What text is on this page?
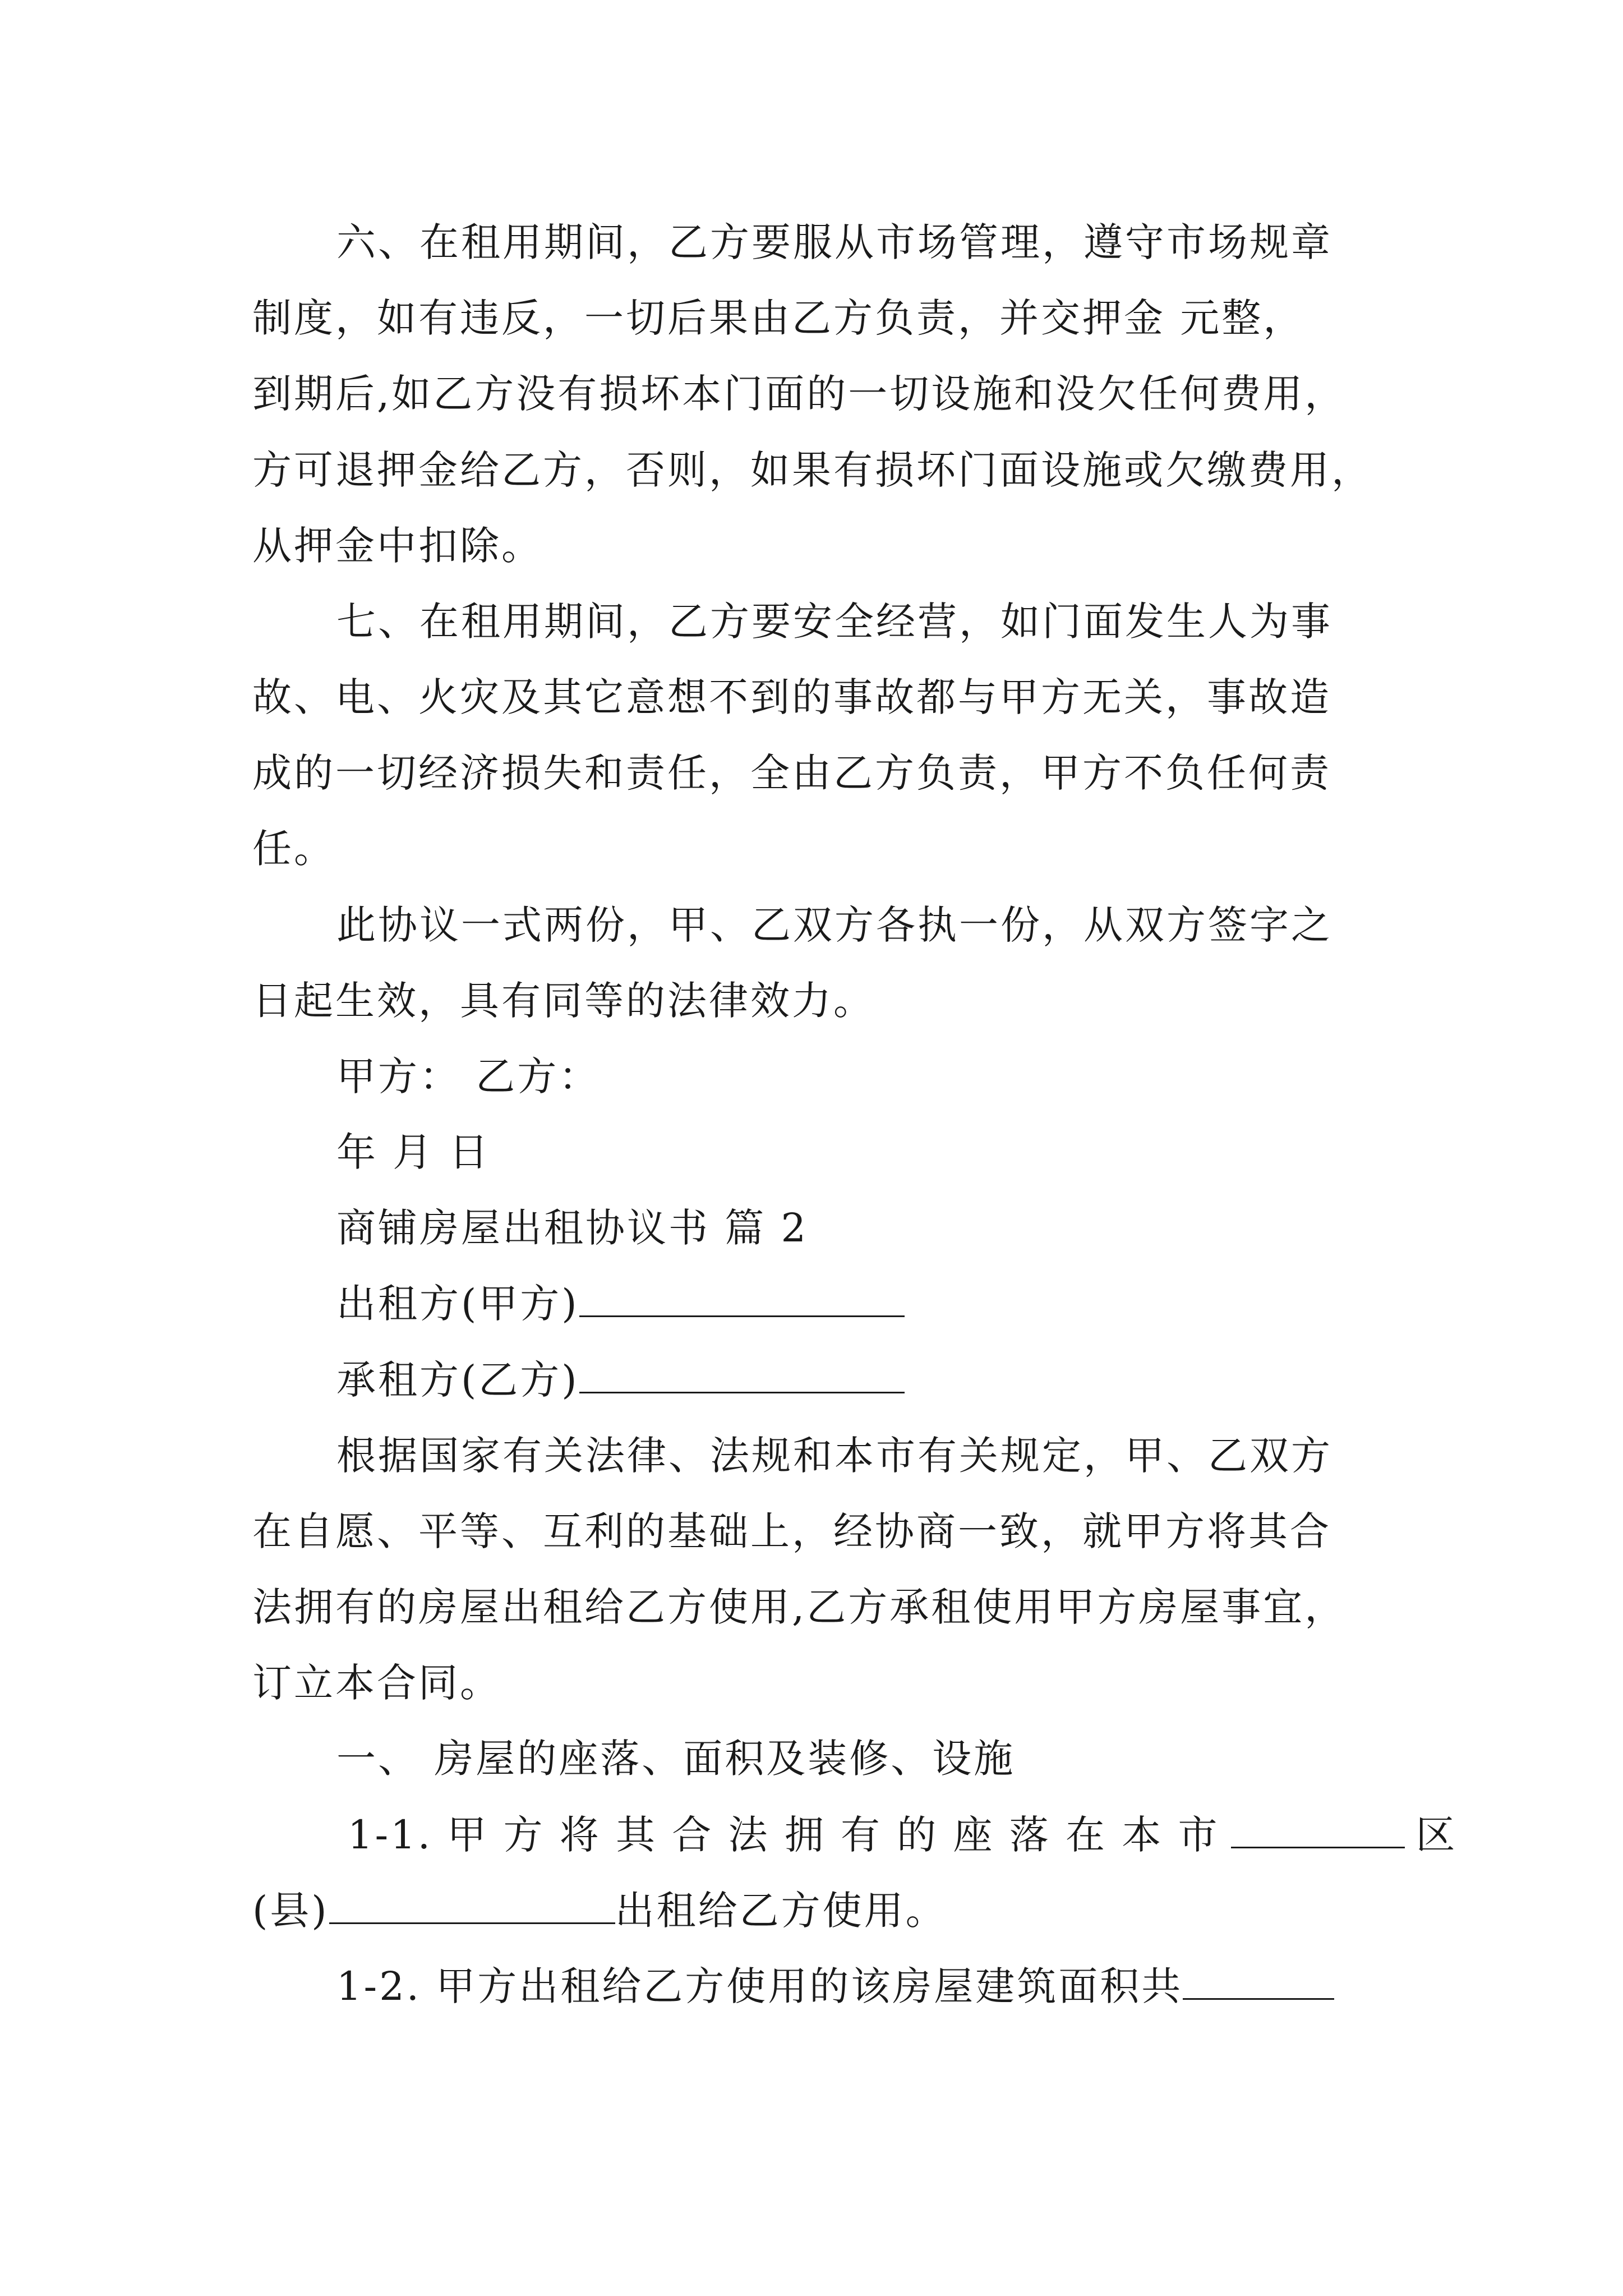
六、在租用期间，乙方要服从市场管理，遵守市场规章
制度，如有违反，一切后果由乙方负责，并交押金 元整，
到期后,如乙方没有损坏本门面的一切设施和没欠任何费用，
方可退押金给乙方，否则，如果有损坏门面设施或欠缴费用，
从押金中扣除。
七、在租用期间，乙方要安全经营，如门面发生人为事
故、电、火灾及其它意想不到的事故都与甲方无关，事故造
成的一切经济损失和责任，全由乙方负责，甲方不负任何责
任。
此协议一式两份，甲、乙双方各执一份，从双方签字之
日起生效，具有同等的法律效力。
甲方： 乙方：
年 月 日
商铺房屋出租协议书 篇 2
出租方(甲方)
承租方(乙方)
根据国家有关法律、法规和本市有关规定，甲、乙双方
在自愿、平等、互利的基础上，经协商一致，就甲方将其合
法拥有的房屋出租给乙方使用,乙方承租使用甲方房屋事宜，
订立本合同。
一、 房屋的座落、面积及装修、设施
1-1. 甲 方 将 其 合 法 拥 有 的 座 落 在 本 市	区
(县)	出租给乙方使用。
1-2. 甲方出租给乙方使用的该房屋建筑面积共
